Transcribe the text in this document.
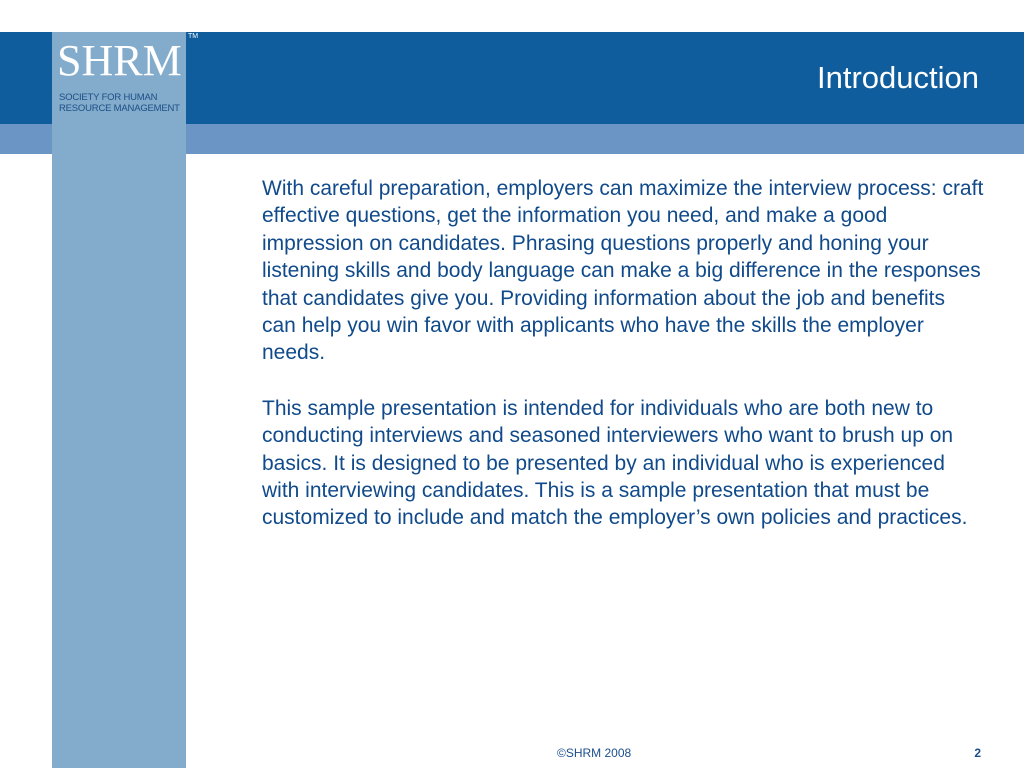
SHRM
SOCIETY FOR HUMAN
RESOURCE MANAGEMENT
TM
Introduction

With careful preparation, employers can maximize the interview process: craft effective questions, get the information you need, and make a good impression on candidates. Phrasing questions properly and honing your listening skills and body language can make a big difference in the responses that candidates give you. Providing information about the job and benefits can help you win favor with applicants who have the skills the employer needs.

This sample presentation is intended for individuals who are both new to conducting interviews and seasoned interviewers who want to brush up on basics. It is designed to be presented by an individual who is experienced with interviewing candidates. This is a sample presentation that must be customized to include and match the employer’s own policies and practices.

©SHRM 2008	2
